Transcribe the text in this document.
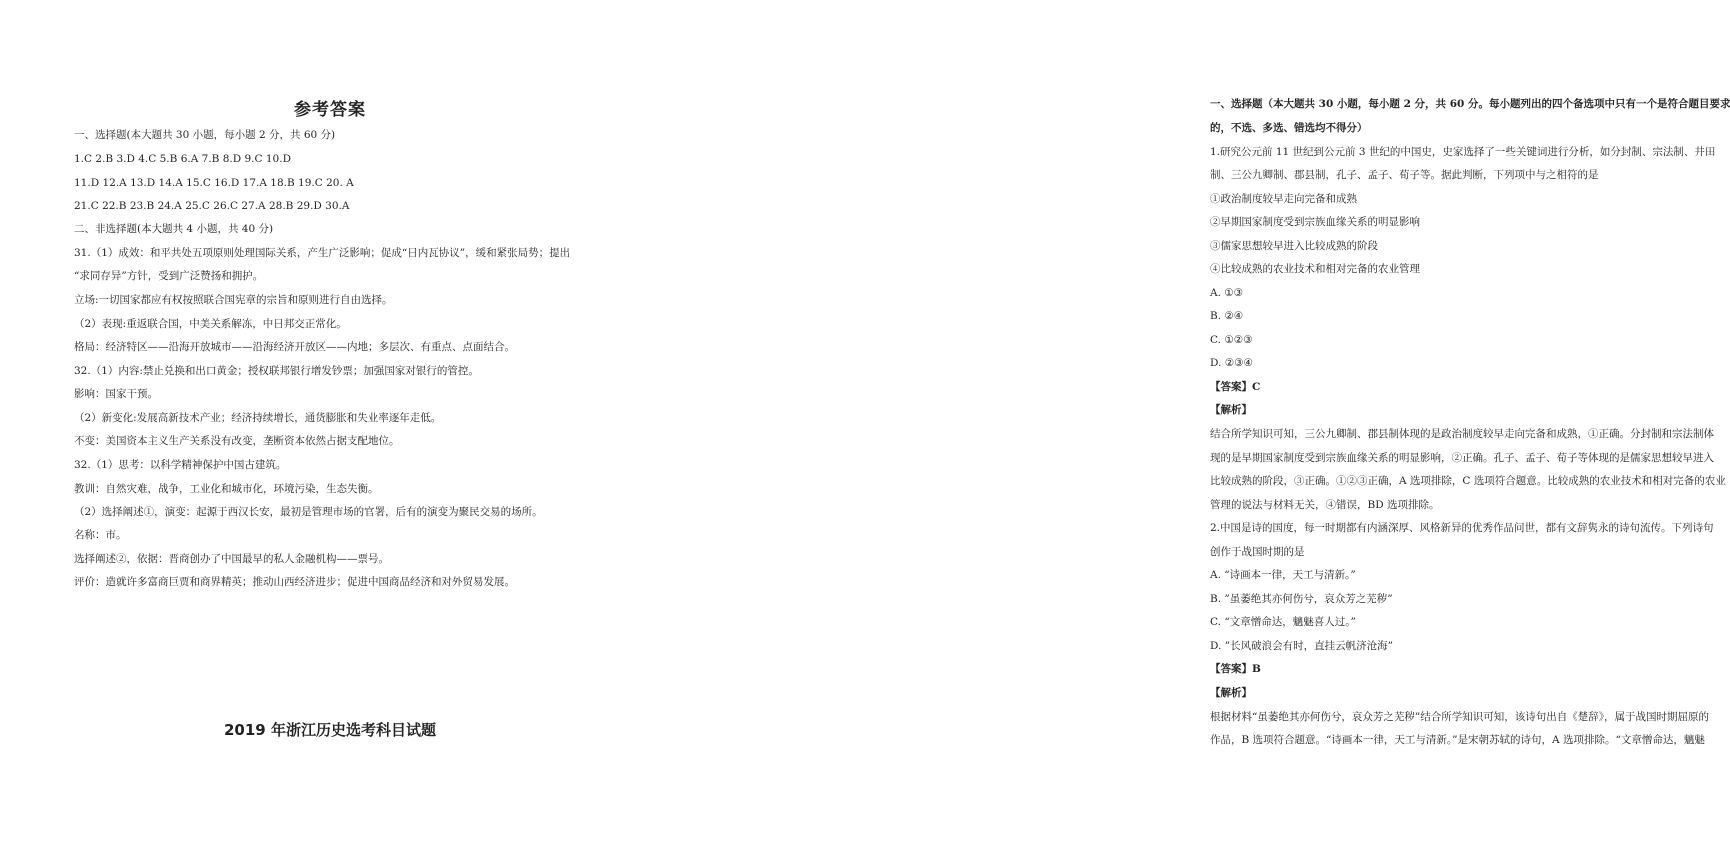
参考答案
一、选择题(本大题共 30 小题，每小题 2 分，共 60 分)
1.C 2.B 3.D 4.C 5.B 6.A 7.B 8.D 9.C 10.D
11.D 12.A 13.D 14.A 15.C 16.D 17.A 18.B 19.C 20. A
21.C 22.B 23.B 24.A 25.C 26.C 27.A 28.B 29.D 30.A
二、非选择题(本大题共 4 小题，共 40 分)
31.（1）成效：和平共处五项原则处理国际关系，产生广泛影响；促成“日内瓦协议”，缓和紧张局势；提出
“求同存异”方针，受到广泛赞扬和拥护。
立场:一切国家都应有权按照联合国宪章的宗旨和原则进行自由选择。
（2）表现:重返联合国，中美关系解冻，中日邦交正常化。
格局：经济特区——沿海开放城市——沿海经济开放区——内地；多层次、有重点、点面结合。
32.（1）内容:禁止兑换和出口黄金；授权联邦银行增发钞票；加强国家对银行的管控。
影响：国家干预。
（2）新变化:发展高新技术产业；经济持续增长，通货膨胀和失业率逐年走低。
不变：美国资本主义生产关系没有改变，垄断资本依然占据支配地位。
32.（1）思考：以科学精神保护中国古建筑。
教训：自然灾难，战争，工业化和城市化，环境污染，生态失衡。
（2）选择阐述①，演变：起源于西汉长安，最初是管理市场的官署，后有的演变为聚民交易的场所。
名称：市。
选择阐述②，依据：晋商创办了中国最早的私人金融机构——票号。
评价：造就许多富商巨贾和商界精英；推动山西经济进步；促进中国商品经济和对外贸易发展。
2019 年浙江历史选考科目试题
一、选择题（本大题共 30 小题，每小题 2 分，共 60 分。每小题列出的四个备选项中只有一个是符合题目要求
的，不选、多选、错选均不得分）
1.研究公元前 11 世纪到公元前 3 世纪的中国史，史家选择了一些关键词进行分析，如分封制、宗法制、井田
制、三公九卿制、郡县制，孔子、孟子、荀子等。据此判断，下列项中与之相符的是
①政治制度较早走向完备和成熟
②早期国家制度受到宗族血缘关系的明显影响
③儒家思想较早进入比较成熟的阶段
④比较成熟的农业技术和相对完备的农业管理
A. ①③
B. ②④
C. ①②③
D. ②③④
【答案】C
【解析】
结合所学知识可知，三公九卿制、郡县制体现的是政治制度较早走向完备和成熟，①正确。分封制和宗法制体
现的是早期国家制度受到宗族血缘关系的明显影响，②正确。孔子、孟子、荀子等体现的是儒家思想较早进入
比较成熟的阶段，③正确。①②③正确，A 选项排除，C 选项符合题意。比较成熟的农业技术和相对完备的农业
管理的说法与材料无关，④错误，BD 选项排除。
2.中国是诗的国度，每一时期都有内涵深厚、风格新异的优秀作品问世，都有文辞隽永的诗句流传。下列诗句
创作于战国时期的是
A. “诗画本一律，天工与清新。”
B. ”虽萎绝其亦何伤兮，哀众芳之芜秽”
C. “文章憎命达，魑魅喜人过。”
D. ”长风破浪会有时，直挂云帆济沧海”
【答案】B
【解析】
根据材料“虽萎绝其亦何伤兮，哀众芳之芜秽”结合所学知识可知，该诗句出自《楚辞》，属于战国时期屈原的
作品，B 选项符合题意。“诗画本一律，天工与清新。”是宋朝苏轼的诗句，A 选项排除。“文章憎命达，魑魅
